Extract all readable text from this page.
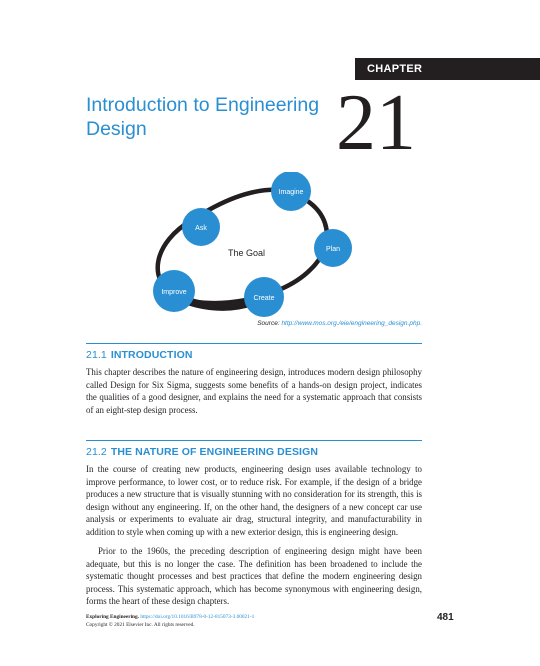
CHAPTER
Introduction to Engineering Design	21
The Goal
Imagine
Plan
Create
Improve
Ask
Source: http://www.mos.org./eie/engineering_design.php.
21.1 INTRODUCTION

This chapter describes the nature of engineering design, introduces modern design philosophy called Design for Six Sigma, suggests some benefits of a hands-on design project, indicates the qualities of a good designer, and explains the need for a systematic approach that consists of an eight-step design process.

21.2 THE NATURE OF ENGINEERING DESIGN

In the course of creating new products, engineering design uses available technology to improve performance, to lower cost, or to reduce risk. For example, if the design of a bridge produces a new structure that is visually stunning with no consideration for its strength, this is design without any engineering. If, on the other hand, the designers of a new concept car use analysis or experiments to evaluate air drag, structural integrity, and manufacturability in addition to style when coming up with a new exterior design, this is engineering design.

Prior to the 1960s, the preceding description of engineering design might have been adequate, but this is no longer the case. The definition has been broadened to include the systematic thought processes and best practices that define the modern engineering design process. This systematic approach, which has become synonymous with engineering design, forms the heart of these design chapters.

Exploring Engineering. https://doi.org/10.1016/B978-0-12-815073-3.00021-1
Copyright © 2021 Elsevier Inc. All rights reserved.
481
